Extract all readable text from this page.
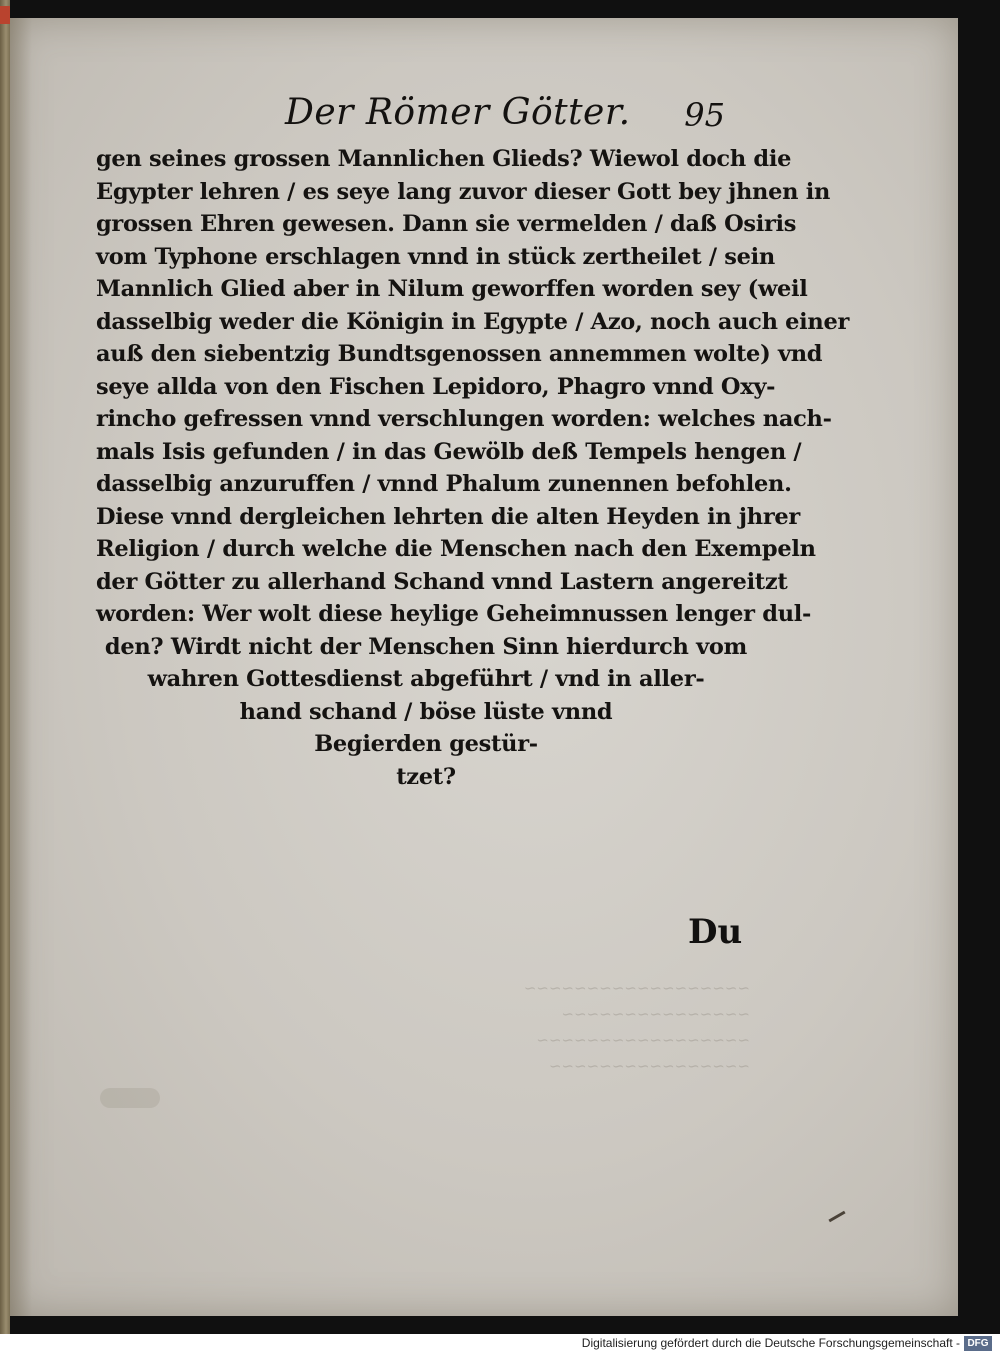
Der Römer Götter. 95
gen seines grossen Mannlichen Glieds? Wiewol doch die
Egypter lehren / es seye lang zuvor dieser Gott bey jhnen in
grossen Ehren gewesen. Dann sie vermelden / daß Osiris
vom Typhone erschlagen vnnd in stück zertheilet / sein
Mannlich Glied aber in Nilum geworffen worden sey (weil
dasselbig weder die Königin in Egypte / Azo, noch auch einer
auß den siebentzig Bundtsgenossen annemmen wolte) vnd
seye allda von den Fischen Lepidoro, Phagro vnnd Oxy-
rincho gefressen vnnd verschlungen worden: welches nach-
mals Isis gefunden / in das Gewölb deß Tempels hengen /
dasselbig anzuruffen / vnnd Phalum zunennen befohlen.
Diese vnnd dergleichen lehrten die alten Heyden in jhrer
Religion / durch welche die Menschen nach den Exempeln
der Götter zu allerhand Schand vnnd Lastern angereitzt
worden: Wer wolt diese heylige Geheimnussen lenger dul-
den? Wirdt nicht der Menschen Sinn hierdurch vom
wahren Gottesdienst abgeführt / vnd in aller-
hand schand / böse lüste vnnd
Begierden gestür-
tzet?
Du
~~~~~~~~~~~~~~~~~~
~~~~~~~~~~~~~~~
~~~~~~~~~~~~~~~~~
~~~~~~~~~~~~~~~~
Digitalisierung gefördert durch die Deutsche Forschungsgemeinschaft - DFG
